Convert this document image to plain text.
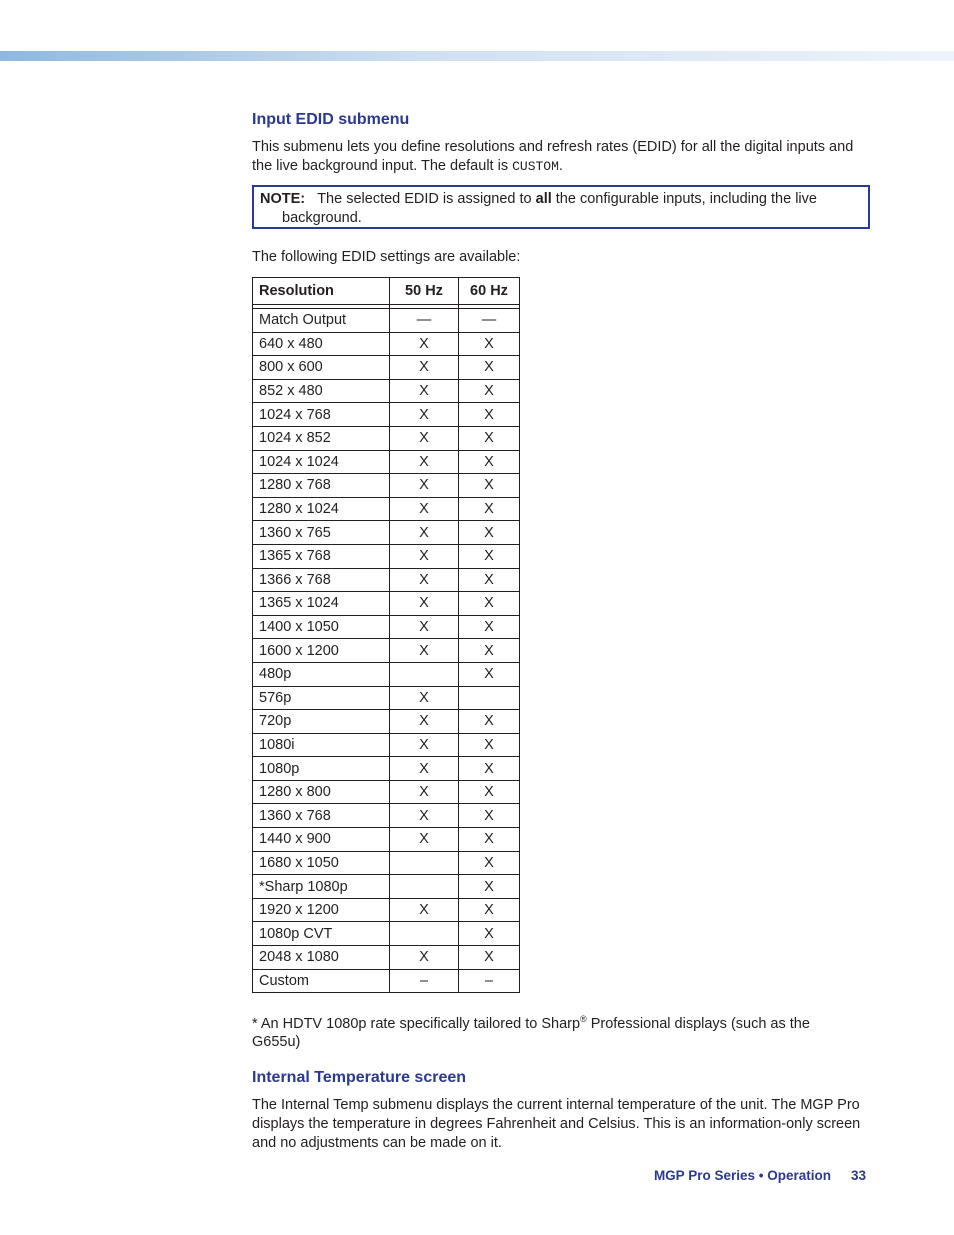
Input EDID submenu

This submenu lets you define resolutions and refresh rates (EDID) for all the digital inputs and the live background input. The default is CUSTOM.

NOTE: The selected EDID is assigned to all the configurable inputs, including the live
background.

The following EDID settings are available:

Resolution	50 Hz	60 Hz

Match Output	—	—
640 x 480	X	X
800 x 600	X	X
852 x 480	X	X
1024 x 768	X	X
1024 x 852	X	X
1024 x 1024	X	X
1280 x 768	X	X
1280 x 1024	X	X
1360 x 765	X	X
1365 x 768	X	X
1366 x 768	X	X
1365 x 1024	X	X
1400 x 1050	X	X
1600 x 1200	X	X
480p		X
576p	X	
720p	X	X
1080i	X	X
1080p	X	X
1280 x 800	X	X
1360 x 768	X	X
1440 x 900	X	X
1680 x 1050		X
*Sharp 1080p		X
1920 x 1200	X	X
1080p CVT		X
2048 x 1080	X	X
Custom	–	–

* An HDTV 1080p rate specifically tailored to Sharp® Professional displays (such as the G655u)

Internal Temperature screen

The Internal Temp submenu displays the current internal temperature of the unit. The MGP Pro displays the temperature in degrees Fahrenheit and Celsius. This is an information-only screen and no adjustments can be made on it.

MGP Pro Series • Operation 33
